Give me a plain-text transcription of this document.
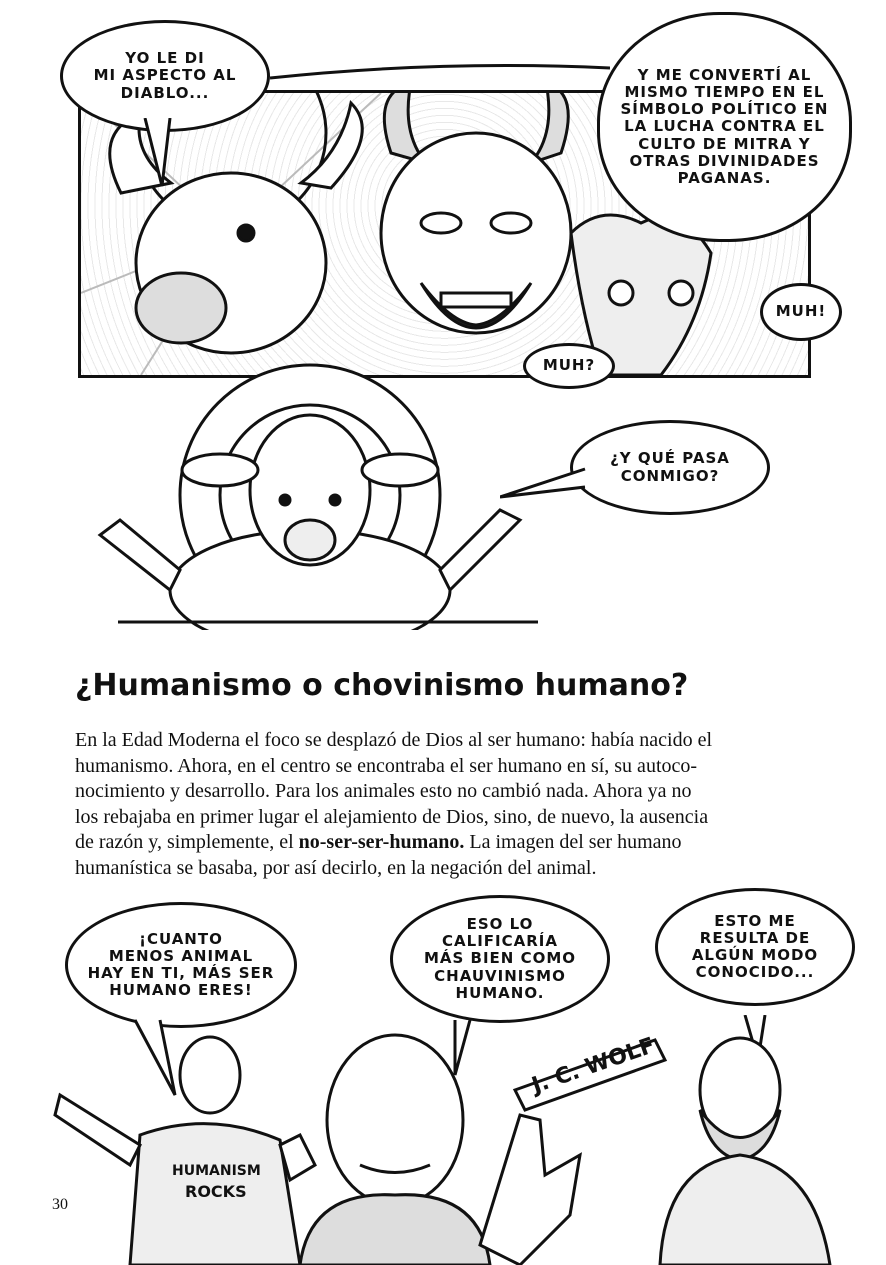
YO LE DI
MI ASPECTO AL
DIABLO...
Y ME CONVERTÍ AL
MISMO TIEMPO EN EL
SÍMBOLO POLÍTICO EN
LA LUCHA CONTRA EL
CULTO DE MITRA Y
OTRAS DIVINIDADES
PAGANAS.
MUH?
MUH!
¿Y QUÉ PASA
CONMIGO?
¿Humanismo o chovinismo humano?
En la Edad Moderna el foco se desplazó de Dios al ser humano: había nacido el
humanismo. Ahora, en el centro se encontraba el ser humano en sí, su autoco-
nocimiento y desarrollo. Para los animales esto no cambió nada. Ahora ya no
los rebajaba en primer lugar el alejamiento de Dios, sino, de nuevo, la ausencia
de razón y, simplemente, el no-ser-ser-humano. La imagen del ser humano
humanística se basaba, por así decirlo, en la negación del animal.
¡CUANTO
MENOS ANIMAL
HAY EN TI, MÁS SER
HUMANO ERES!
ESO LO
CALIFICARÍA
MÁS BIEN COMO
CHAUVINISMO
HUMANO.
ESTO ME
RESULTA DE
ALGÚN MODO
CONOCIDO...
HUMANISM
ROCKS
J. C. WOLF
30
